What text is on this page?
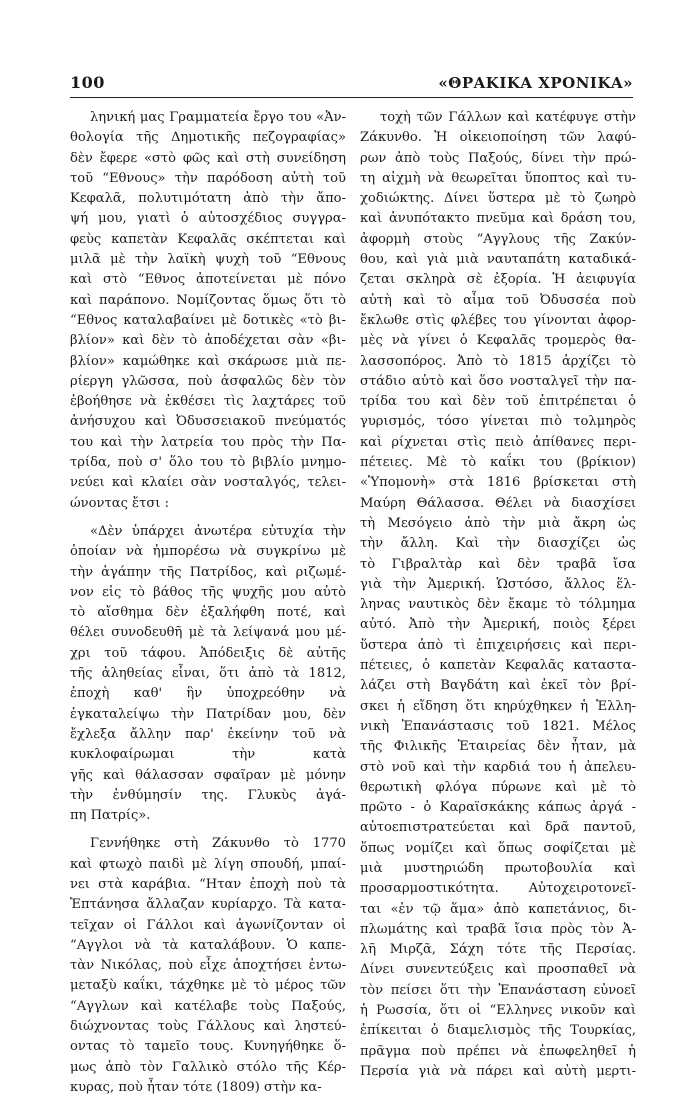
100	«ΘΡΑΚΙΚΑ ΧΡΟΝΙΚΑ»

ληνική μας Γραμματεία ἔργο του «Ἀν-

θολογία τῆς Δημοτικῆς πεζογραφίας»

δὲν ἔφερε «στὸ φῶς καὶ στὴ συνείδηση

τοῦ “Εθνους» τὴν παρόδοση αὐτὴ τοῦ

Κεφαλᾶ, πολυτιμότατη ἀπὸ τὴν ἄπο-

ψή μου, γιατὶ ὁ αὐτοσχέδιος συγγρα-

φεὺς καπετὰν Κεφαλᾶς σκέπτεται καὶ

μιλᾶ μὲ τὴν λαϊκὴ ψυχὴ τοῦ “Εθνους

καὶ στὸ “Εθνος ἀποτείνεται μὲ πόνο

καὶ παράπονο. Νομίζοντας ὅμως ὅτι τὸ

“Εθνος καταλαβαίνει μὲ δοτικὲς «τὸ βι-

βλίον» καὶ δὲν τὸ ἀποδέχεται σὰν «βι-

βλίον» καμώθηκε καὶ σκάρωσε μιὰ πε-

ρίεργη γλῶσσα, ποὺ ἀσφαλῶς δὲν τὸν

ἐβοήθησε νὰ ἐκθέσει τὶς λαχτάρες τοῦ

ἀνήσυχου καὶ Ὀδυσσειακοῦ πνεύματός

του καὶ τὴν λατρεία του πρὸς τὴν Πα-

τρίδα, ποὺ σ' ὅλο του τὸ βιβλίο μνημο-

νεύει καὶ κλαίει σὰν νοσταλγός, τελει-

ώνοντας ἔτσι :

«Δὲν ὑπάρχει ἀνωτέρα εὐτυχία τὴν

ὁποίαν νὰ ἠμπορέσω νὰ συγκρίνω μὲ

τὴν ἀγάπην τῆς Πατρίδος, καὶ ριζωμέ-

νον εἰς τὸ βάθος τῆς ψυχῆς μου αὐτὸ

τὸ αἴσθημα δὲν ἐξαλήφθη ποτέ, καὶ

θέλει συνοδευθῆ μὲ τὰ λείψανά μου μέ-

χρι τοῦ τάφου. Ἀπόδειξις δὲ αὐτῆς

τῆς ἀληθείας εἶναι, ὅτι ἀπὸ τὰ 1812,

ἐποχὴ καθ' ἣν ὑποχρεόθην νὰ

ἐγκαταλείψω τὴν Πατρίδαν μου, δὲν

ἔχλεξα ἄλλην παρ' ἐκείνην τοῦ νὰ

κυκλοφαίρωμαι τὴν κατὰ

γῆς καὶ θάλασσαν σφαῖραν μὲ μόνην

τὴν ἐνθύμησίν της. Γλυκὺς ἀγά-

πη Πατρίς».

Γεννήθηκε στὴ Ζάκυνθο τὸ 1770

καὶ φτωχὸ παιδὶ μὲ λίγη σπουδή, μπαί-

νει στὰ καράβια. “Ηταν ἐποχὴ ποὺ τὰ

Ἑπτάνησα ἄλλαζαν κυρίαρχο. Τὰ κατα-

τεῖχαν οἱ Γάλλοι καὶ ἀγωνίζονταν οἱ

“Αγγλοι νὰ τὰ καταλάβουν. Ὁ καπε-

τὰν Νικόλας, ποὺ εἶχε ἀποχτήσει ἐντω-

μεταξὺ καΐκι, τάχθηκε μὲ τὸ μέρος τῶν

“Αγγλων καὶ κατέλαβε τοὺς Παξούς,

διώχνοντας τοὺς Γάλλους καὶ ληστεύ-

οντας τὸ ταμεῖο τους. Κυνηγήθηκε ὅ-

μως ἀπὸ τὸν Γαλλικὸ στόλο τῆς Κέρ-

κυρας, ποὺ ἦταν τότε (1809) στὴν κα-

τοχὴ τῶν Γάλλων καὶ κατέφυγε στὴν

Ζάκυνθο. Ἡ οἰκειοποίηση τῶν λαφύ-

ρων ἀπὸ τοὺς Παξούς, δίνει τὴν πρώ-

τη αἰχμὴ νὰ θεωρεῖται ὕποπτος καὶ τυ-

χοδιώκτης. Δίνει ὕστερα μὲ τὸ ζωηρὸ

καὶ ἀνυπότακτο πνεῦμα καὶ δράση του,

ἀφορμὴ στοὺς “Αγγλους τῆς Ζακύν-

θου, καὶ γιὰ μιὰ ναυταπάτη καταδικά-

ζεται σκληρὰ σὲ ἐξορία. Ἡ ἀειφυγία

αὐτὴ καὶ τὸ αἷμα τοῦ Ὀδυσσέα ποὺ

ἔκλωθε στὶς φλέβες του γίνονται ἀφορ-

μὲς νὰ γίνει ὁ Κεφαλᾶς τρομερὸς θα-

λασσοπόρος. Ἀπὸ τὸ 1815 ἀρχίζει τὸ

στάδιο αὐτὸ καὶ ὅσο νοσταλγεῖ τὴν πα-

τρίδα του καὶ δὲν τοῦ ἐπιτρέπεται ὁ

γυρισμός, τόσο γίνεται πιὸ τολμηρὸς

καὶ ρίχνεται στὶς πειὸ ἀπίθανες περι-

πέτειες. Μὲ τὸ καΐκι του (βρίκιον)

«Ὑπομονὴ» στὰ 1816 βρίσκεται στὴ

Μαύρη Θάλασσα. Θέλει νὰ διασχίσει

τὴ Μεσόγειο ἀπὸ τὴν μιὰ ἄκρη ὡς

τὴν ἄλλη. Καὶ τὴν διασχίζει ὡς

τὸ Γιβραλτὰρ καὶ δὲν τραβᾶ ἴσα

γιὰ τὴν Ἀμερική. Ὡστόσο, ἄλλος ἕλ-

ληνας ναυτικὸς δὲν ἔκαμε τὸ τόλμημα

αὐτό. Ἀπὸ τὴν Ἀμερική, ποιὸς ξέρει

ὕστερα ἀπὸ τὶ ἐπιχειρήσεις καὶ περι-

πέτειες, ὁ καπετὰν Κεφαλᾶς καταστα-

λάζει στὴ Βαγδάτη καὶ ἐκεῖ τὸν βρί-

σκει ἡ εἴδηση ὅτι κηρύχθηκεν ἡ Ἑλλη-

νικὴ Ἐπανάστασις τοῦ 1821. Μέλος

τῆς Φιλικῆς Ἑταιρείας δὲν ἦταν, μὰ

στὸ νοῦ καὶ τὴν καρδιά του ἡ ἀπελευ-

θερωτικὴ φλόγα πύρωνε καὶ μὲ τὸ

πρῶτο - ὁ Καραϊσκάκης κάπως ἀργά -

αὐτοεπιστρατεύεται καὶ δρᾶ παντοῦ,

ὅπως νομίζει καὶ ὅπως σοφίζεται μὲ

μιὰ μυστηριώδη πρωτοβουλία καὶ

προσαρμοστικότητα. Αὐτοχειροτονεῖ-

ται «ἐν τῷ ἅμα» ἀπὸ καπετάνιος, δι-

πλωμάτης καὶ τραβᾶ ἴσια πρὸς τὸν Ἀ-

λῆ Μιρζᾶ, Σάχη τότε τῆς Περσίας.

Δίνει συνεντεύξεις καὶ προσπαθεῖ νὰ

τὸν πείσει ὅτι τὴν Ἐπανάσταση εὐνοεῖ

ἡ Ρωσσία, ὅτι οἱ “Ελληνες νικοῦν καὶ

ἐπίκειται ὁ διαμελισμὸς τῆς Τουρκίας,

πρᾶγμα ποὺ πρέπει νὰ ἐπωφεληθεῖ ἡ

Περσία γιὰ νὰ πάρει καὶ αὐτὴ μερτι-
